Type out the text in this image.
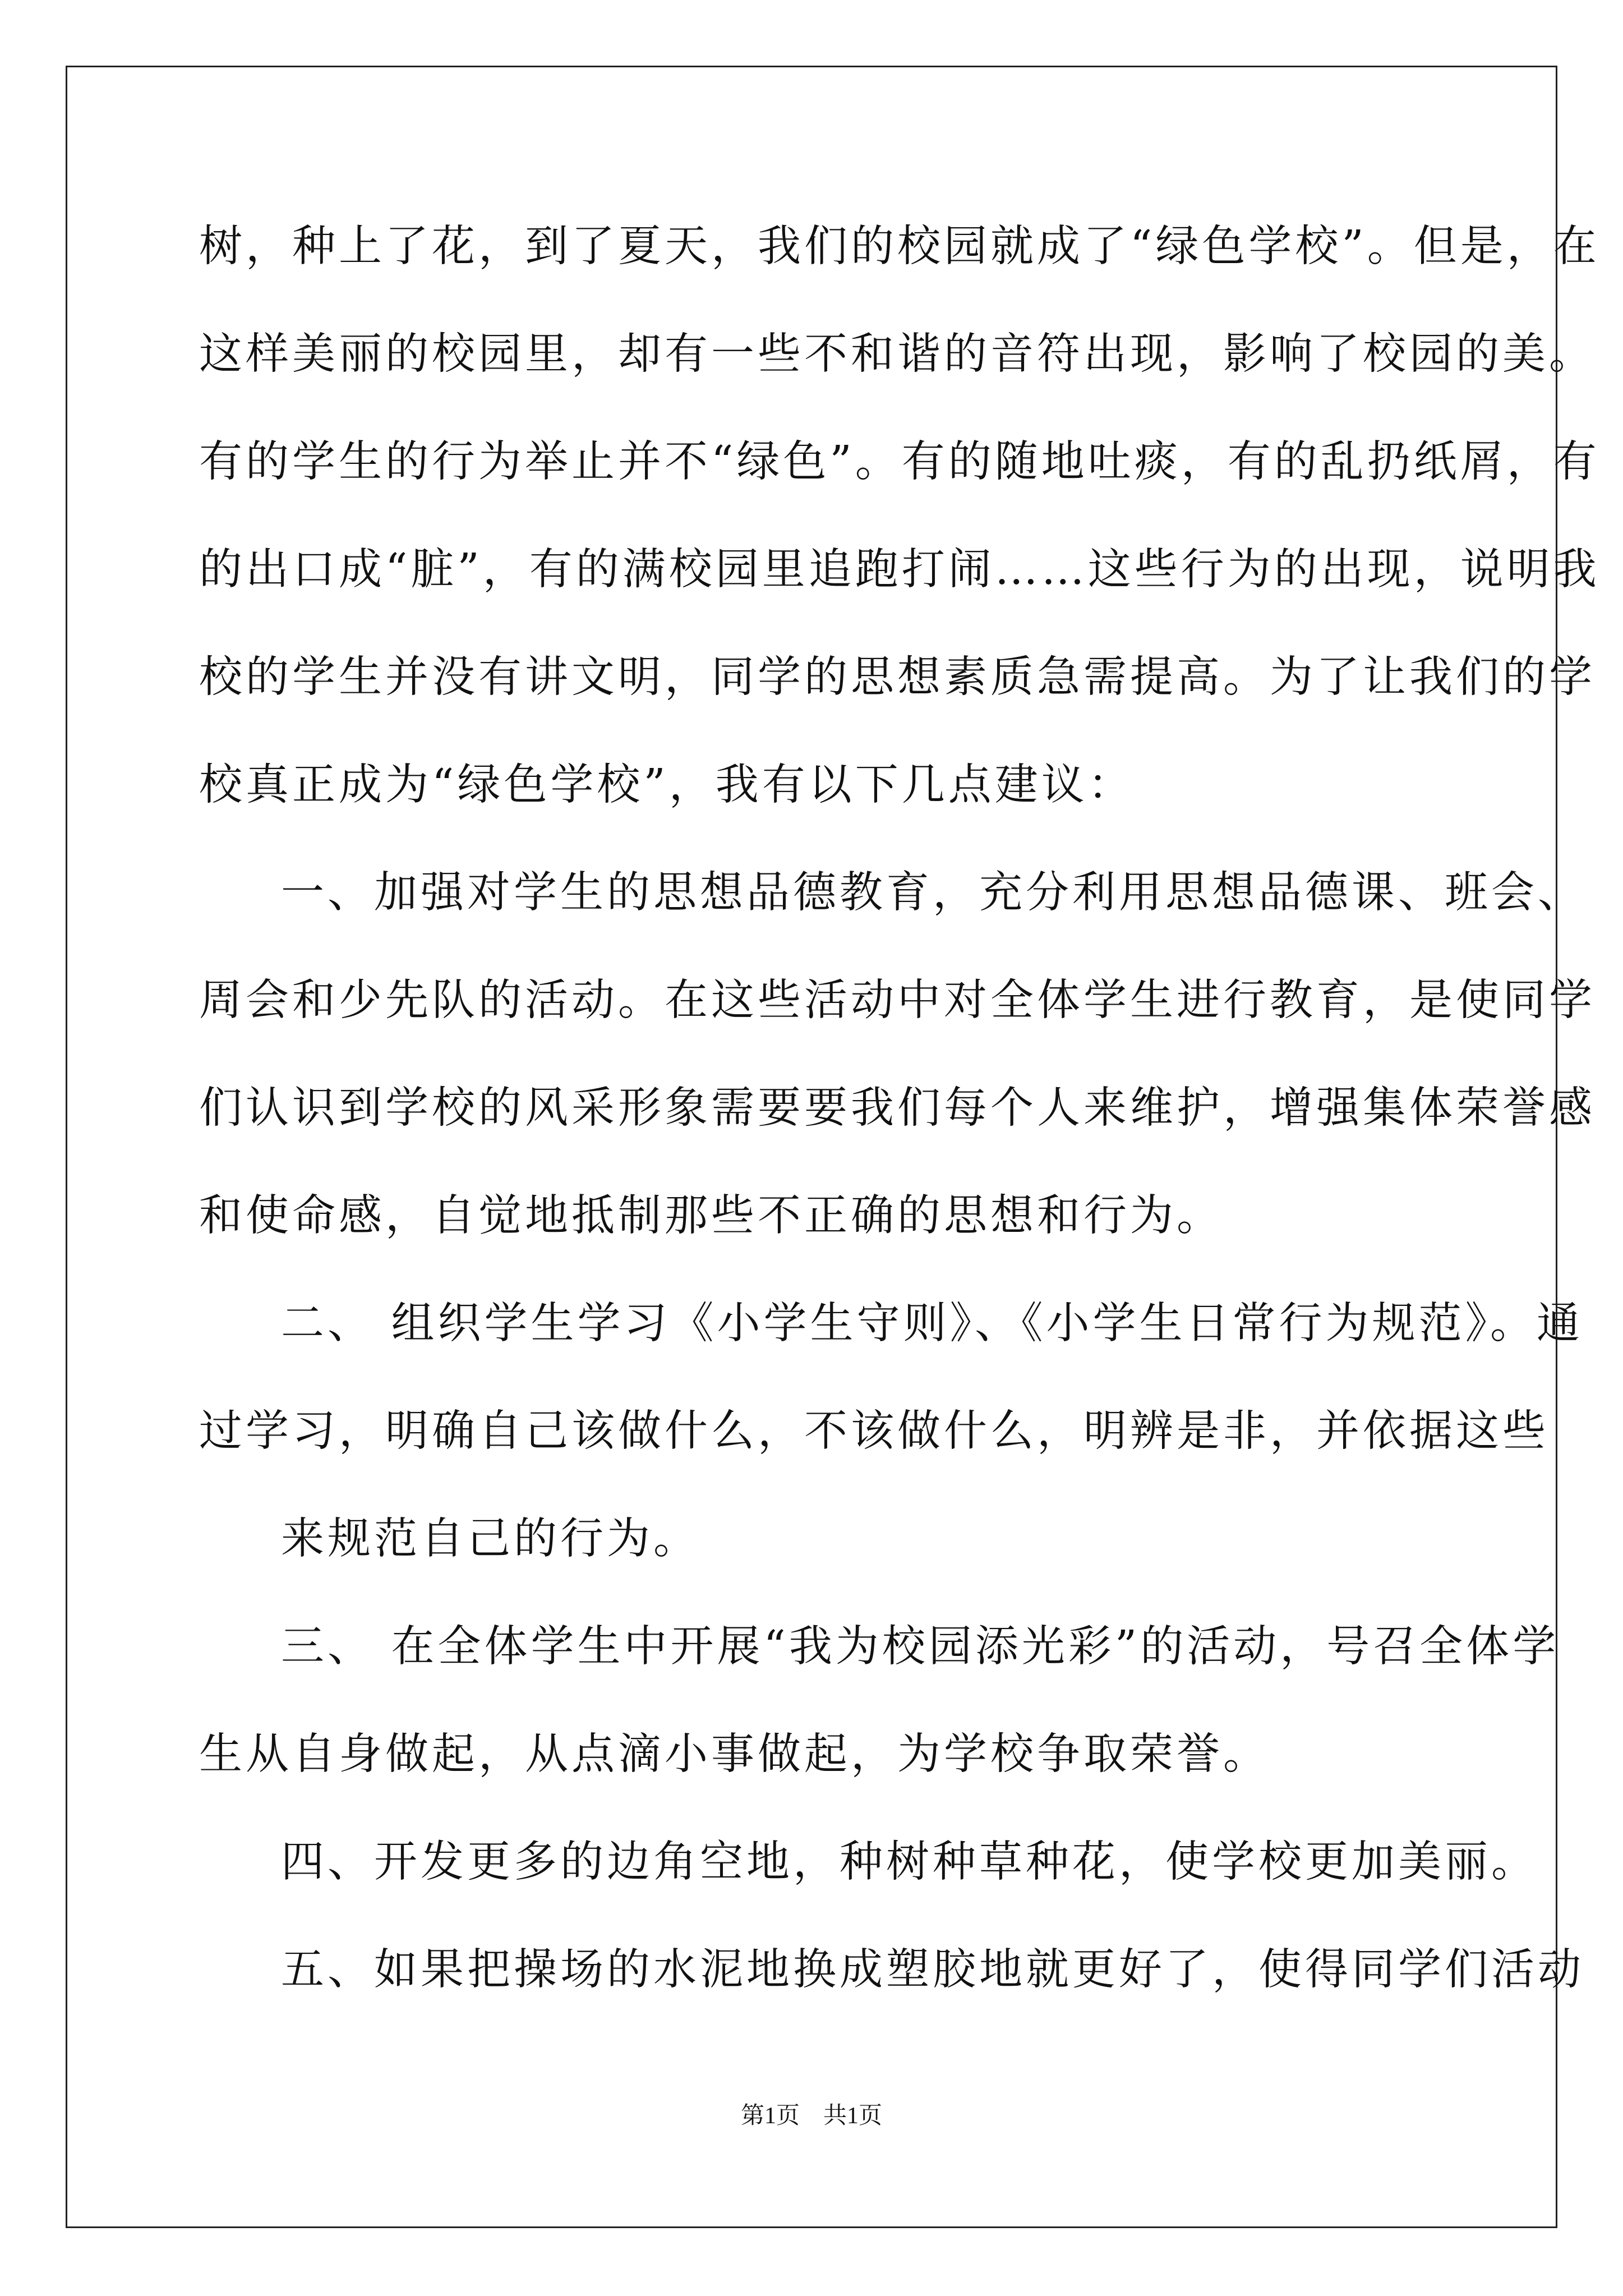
树，种上了花，到了夏天，我们的校园就成了“绿色学校”。但是，在
这样美丽的校园里，却有一些不和谐的音符出现，影响了校园的美。
有的学生的行为举止并不“绿色”。有的随地吐痰，有的乱扔纸屑，有
的出口成“脏”，有的满校园里追跑打闹……这些行为的出现，说明我
校的学生并没有讲文明，同学的思想素质急需提高。为了让我们的学
校真正成为“绿色学校”，我有以下几点建议：
一、加强对学生的思想品德教育，充分利用思想品德课、班会、
周会和少先队的活动。在这些活动中对全体学生进行教育，是使同学
们认识到学校的风采形象需要要我们每个人来维护，增强集体荣誉感
和使命感，自觉地抵制那些不正确的思想和行为。
二、 组织学生学习《小学生守则》、《小学生日常行为规范》。通
过学习，明确自己该做什么，不该做什么，明辨是非，并依据这些
来规范自己的行为。
三、 在全体学生中开展“我为校园添光彩”的活动，号召全体学
生从自身做起，从点滴小事做起，为学校争取荣誉。
四、开发更多的边角空地，种树种草种花，使学校更加美丽。
五、如果把操场的水泥地换成塑胶地就更好了，使得同学们活动
第1页　共1页
